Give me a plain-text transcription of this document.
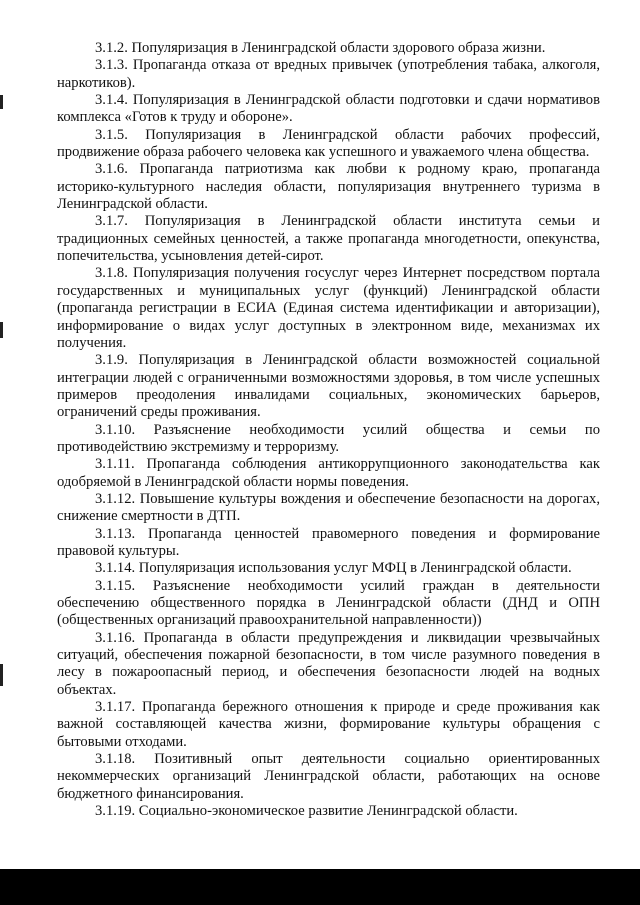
3.1.2. Популяризация в Ленинградской области здорового образа жизни.

3.1.3. Пропаганда отказа от вредных привычек (употребления табака, алкоголя, наркотиков).

3.1.4. Популяризация в Ленинградской области подготовки и сдачи нормативов комплекса «Готов к труду и обороне».

3.1.5. Популяризация в Ленинградской области рабочих профессий, продвижение образа рабочего человека как успешного и уважаемого члена общества.

3.1.6. Пропаганда патриотизма как любви к родному краю, пропаганда историко-культурного наследия области, популяризация внутреннего туризма в Ленинградской области.

3.1.7. Популяризация в Ленинградской области института семьи и традиционных семейных ценностей, а также пропаганда многодетности, опекунства, попечительства, усыновления детей-сирот.

3.1.8. Популяризация получения госуслуг через Интернет посредством портала государственных и муниципальных услуг (функций) Ленинградской области (пропаганда регистрации в ЕСИА (Единая система идентификации и авторизации), информирование о видах услуг доступных в электронном виде, механизмах их получения.

3.1.9. Популяризация в Ленинградской области возможностей социальной интеграции людей с ограниченными возможностями здоровья, в том числе успешных примеров преодоления инвалидами социальных, экономических барьеров, ограничений среды проживания.

3.1.10. Разъяснение необходимости усилий общества и семьи по противодействию экстремизму и терроризму.

3.1.11. Пропаганда соблюдения антикоррупционного законодательства как одобряемой в Ленинградской области нормы поведения.

3.1.12. Повышение культуры вождения и обеспечение безопасности на дорогах, снижение смертности в ДТП.

3.1.13. Пропаганда ценностей правомерного поведения и формирование правовой культуры.

3.1.14. Популяризация использования услуг МФЦ в Ленинградской области.

3.1.15. Разъяснение необходимости усилий граждан в деятельности обеспечению общественного порядка в Ленинградской области (ДНД и ОПН (общественных организаций правоохранительной направленности))

3.1.16. Пропаганда в области предупреждения и ликвидации чрезвычайных ситуаций, обеспечения пожарной безопасности, в том числе разумного поведения в лесу в пожароопасный период, и обеспечения безопасности людей на водных объектах.

3.1.17. Пропаганда бережного отношения к природе и среде проживания как важной составляющей качества жизни, формирование культуры обращения с бытовыми отходами.

3.1.18. Позитивный опыт деятельности социально ориентированных некоммерческих организаций Ленинградской области, работающих на основе бюджетного финансирования.

3.1.19. Социально-экономическое развитие Ленинградской области.
